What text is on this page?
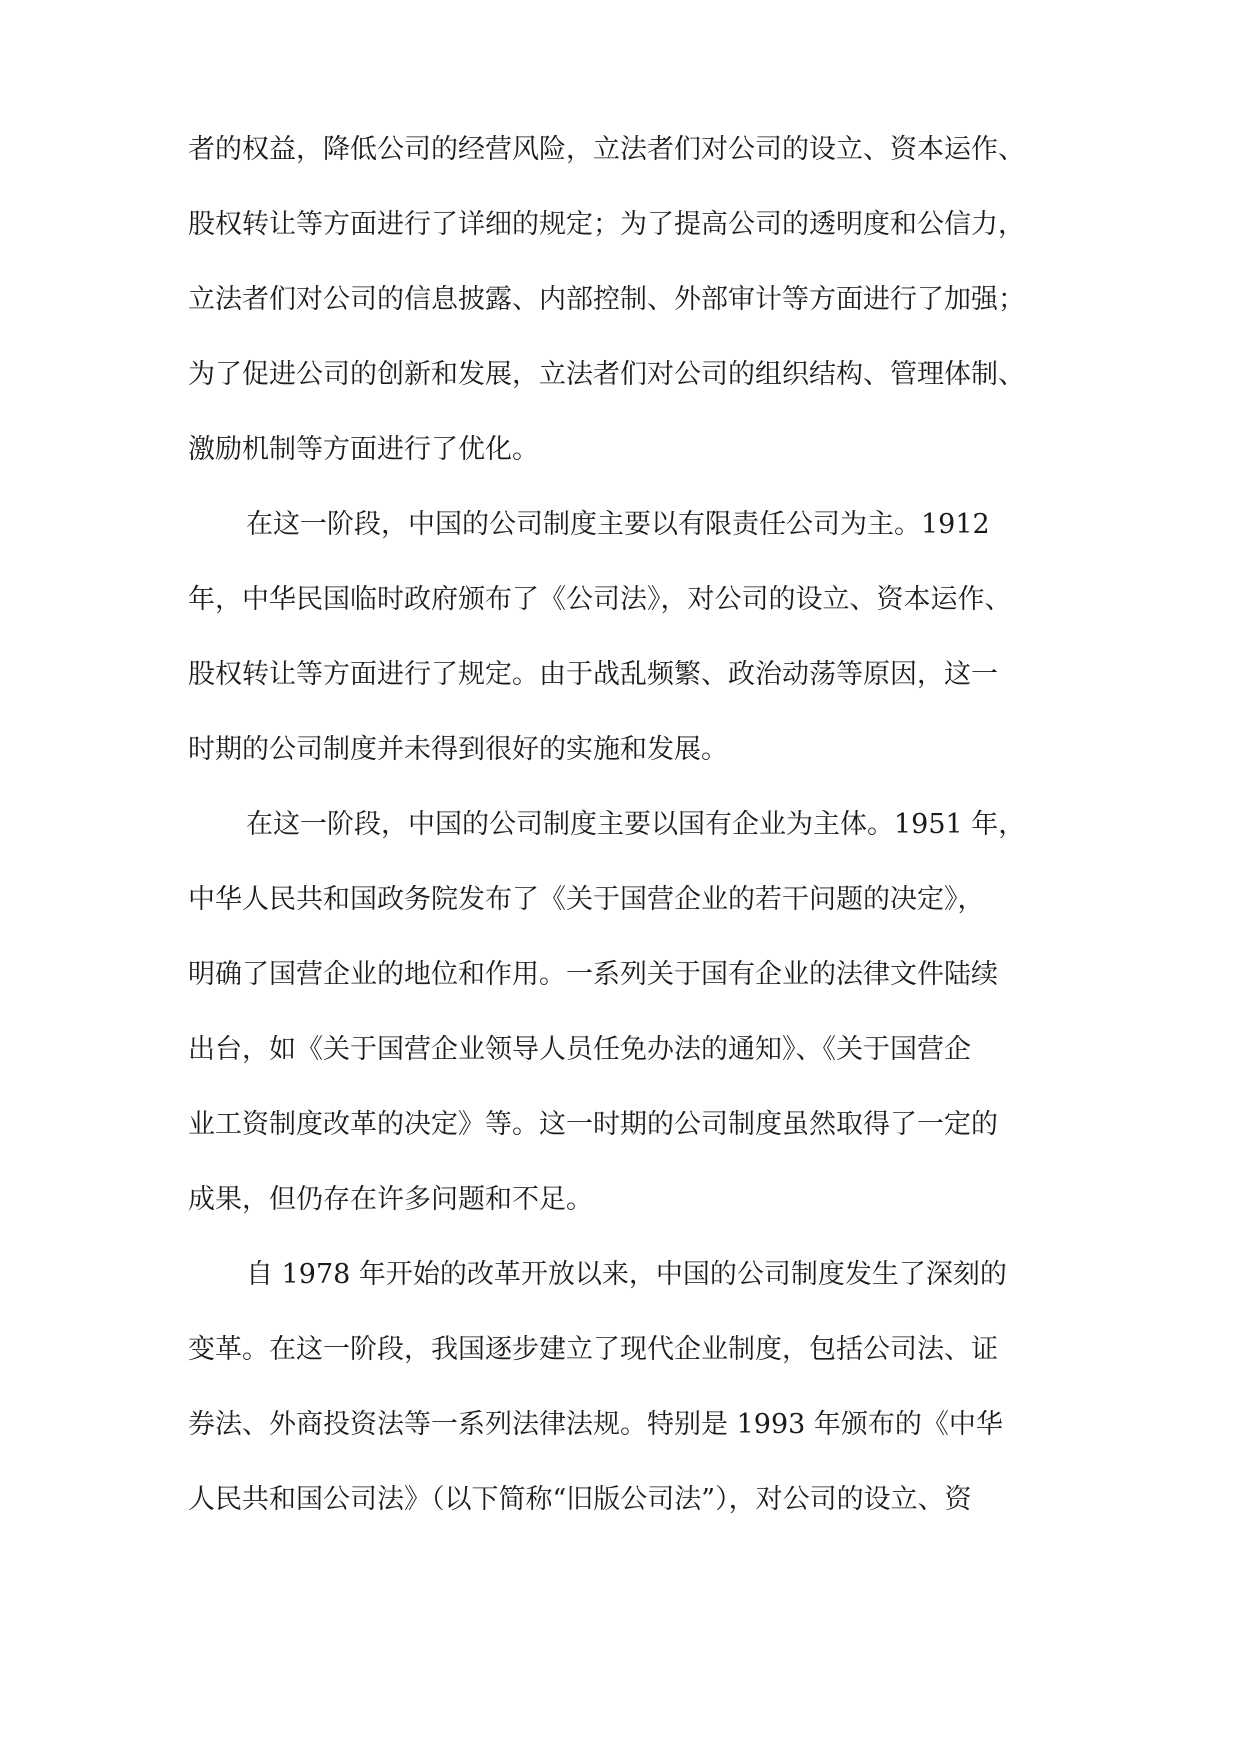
者的权益，降低公司的经营风险，立法者们对公司的设立、资本运作、
股权转让等方面进行了详细的规定；为了提高公司的透明度和公信力，
立法者们对公司的信息披露、内部控制、外部审计等方面进行了加强；
为了促进公司的创新和发展，立法者们对公司的组织结构、管理体制、
激励机制等方面进行了优化。
在这一阶段，中国的公司制度主要以有限责任公司为主。1912
年，中华民国临时政府颁布了《公司法》，对公司的设立、资本运作、
股权转让等方面进行了规定。由于战乱频繁、政治动荡等原因，这一
时期的公司制度并未得到很好的实施和发展。
在这一阶段，中国的公司制度主要以国有企业为主体。1951 年，
中华人民共和国政务院发布了《关于国营企业的若干问题的决定》，
明确了国营企业的地位和作用。一系列关于国有企业的法律文件陆续
出台，如《关于国营企业领导人员任免办法的通知》、《关于国营企
业工资制度改革的决定》等。这一时期的公司制度虽然取得了一定的
成果，但仍存在许多问题和不足。
自 1978 年开始的改革开放以来，中国的公司制度发生了深刻的
变革。在这一阶段，我国逐步建立了现代企业制度，包括公司法、证
券法、外商投资法等一系列法律法规。特别是 1993 年颁布的《中华
人民共和国公司法》（以下简称“旧版公司法”），对公司的设立、资
